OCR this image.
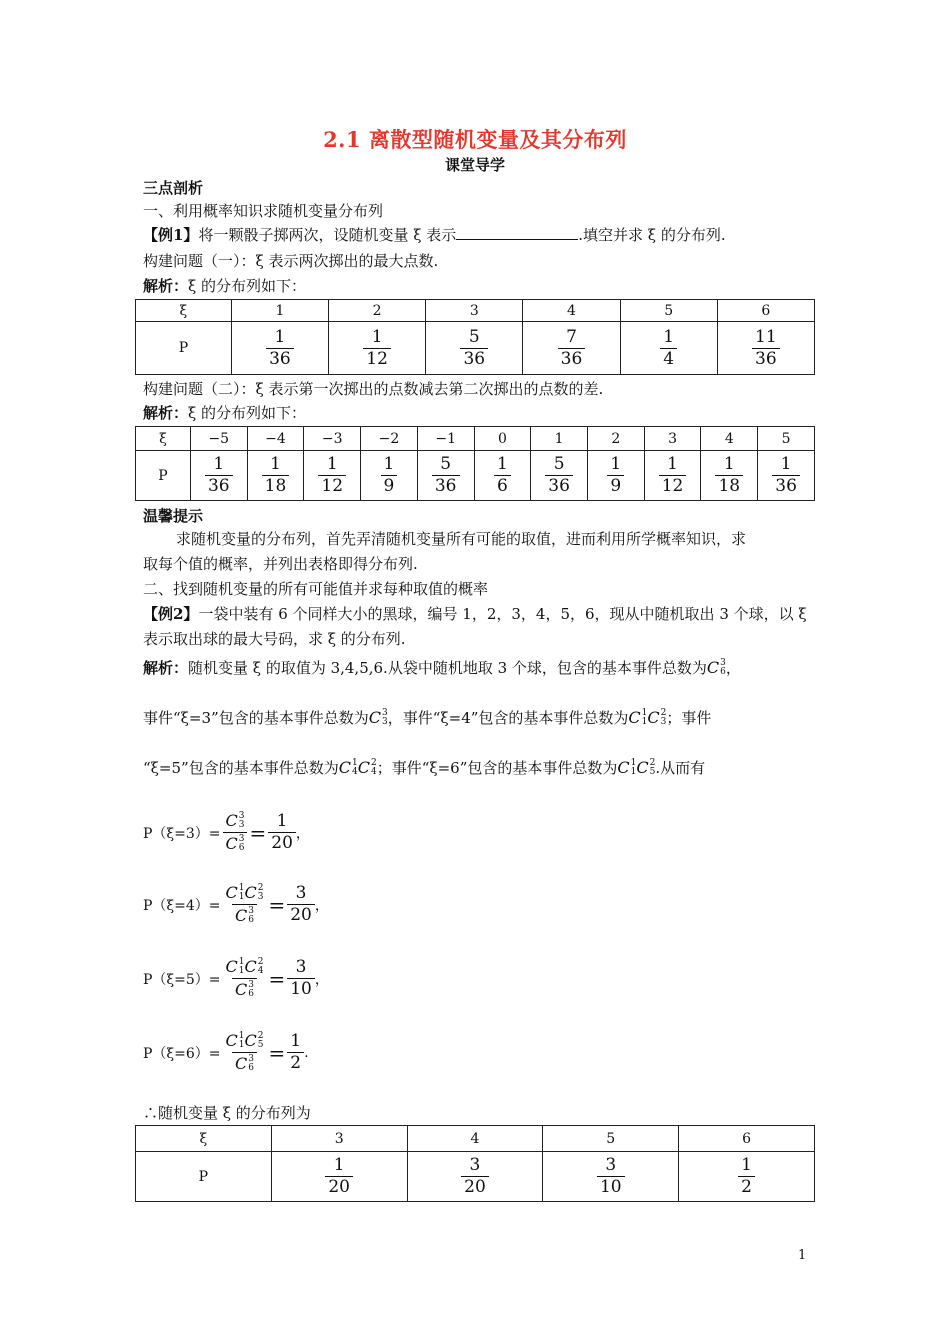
2.1 离散型随机变量及其分布列
课堂导学
三点剖析
一、利用概率知识求随机变量分布列
【例1】将一颗骰子掷两次，设随机变量 ξ 表示	.填空并求 ξ 的分布列.
构建问题（一）：ξ 表示两次掷出的最大点数.
解析：ξ 的分布列如下：
ξ	1	2	3	4	5	6
P	$\frac{1}{36}$	$\frac{1}{12}$	$\frac{5}{36}$	$\frac{7}{36}$	$\frac{1}{4}$	$\frac{11}{36}$
构建问题（二）：ξ 表示第一次掷出的点数减去第二次掷出的点数的差.
解析：ξ 的分布列如下：
ξ	−5	−4	−3	−2	−1	0	1	2	3	4	5
P	$\frac{1}{36}$	$\frac{1}{18}$	$\frac{1}{12}$	$\frac{1}{9}$	$\frac{5}{36}$	$\frac{1}{6}$	$\frac{5}{36}$	$\frac{1}{9}$	$\frac{1}{12}$	$\frac{1}{18}$	$\frac{1}{36}$
温馨提示
求随机变量的分布列，首先弄清随机变量所有可能的取值，进而利用所学概率知识，求
取每个值的概率，并列出表格即得分布列.
二、找到随机变量的所有可能值并求每种取值的概率
【例2】一袋中装有 6 个同样大小的黑球，编号 1，2，3，4，5，6，现从中随机取出 3 个球，以 ξ
表示取出球的最大号码，求 ξ 的分布列.
解析： 随机变量 ξ 的取值为 3,4,5,6.从袋中随机地取 3 个球，包含的基本事件总数为 C 3
6 ，
事件“ξ=3”包含的基本事件总数为 C 3
3 ，事件“ξ=4”包含的基本事件总数为 C 1
1 C 2
3 ；事件
“ξ=5”包含的基本事件总数为 C 1
4 C 2
4 ；事件“ξ=6”包含的基本事件总数为 C 1
1 C 2
5 .从而有
P（ξ=3）= C 3
3
C 3
$6 = \frac{1}{20}$ ，
P（ξ=4）= C 1
1 C 2
3
C 3
$6 = \frac{3}{20}$ ，
P（ξ=5）= C 1
1 C 2
4
C 3
$6 = \frac{3}{10}$ ，
P（ξ=6）= C 1
1 C 2
5
C 3
$6 = \frac{1}{2}$ .
∴随机变量 ξ 的分布列为
ξ	3	4	5	6
P	$\frac{1}{20}$	$\frac{3}{20}$	$\frac{3}{10}$	$\frac{1}{2}$
1
